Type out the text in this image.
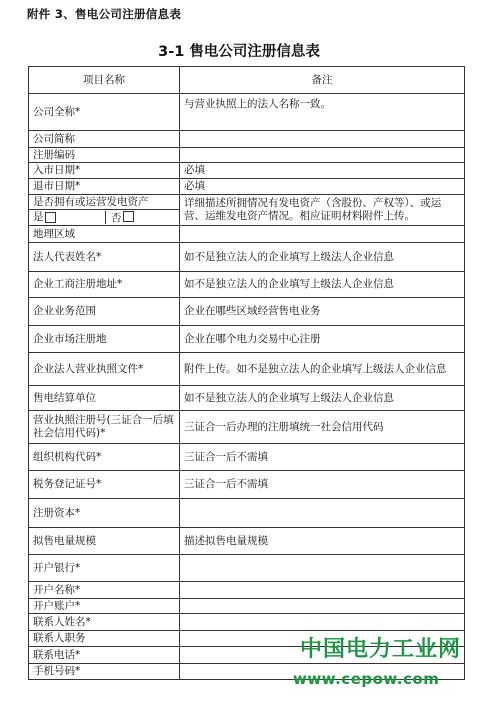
附件 3、售电公司注册信息表
3-1 售电公司注册信息表
项目名称	备注
公司全称*	与营业执照上的法人名称一致。
公司简称	
注册编码	
入市日期*	必填
退市日期*	必填
是否拥有或运营发电资产	详细描述所拥情况有发电资产（含股份、产权等）、或运营、运维发电资产情况。相应证明材料附件上传。

是 否	

地理区域	
法人代表姓名*	如不是独立法人的企业填写上级法人企业信息
企业工商注册地址*	如不是独立法人的企业填写上级法人企业信息
企业业务范围	企业在哪些区域经营售电业务
企业市场注册地	企业在哪个电力交易中心注册
企业法人营业执照文件*	附件上传。如不是独立法人的企业填写上级法人企业信息
售电结算单位	如不是独立法人的企业填写上级法人企业信息
营业执照注册号(三证合一后填社会信用代码)*	三证合一后办理的注册填统一社会信用代码
组织机构代码*	三证合一后不需填
税务登记证号*	三证合一后不需填
注册资本*	
拟售电量规模	描述拟售电量规模
开户银行*	
开户名称*	
开户账户*	
联系人姓名*	
联系人职务	
联系电话*	
手机号码*	
中国电力工业网
www.cepow.com
